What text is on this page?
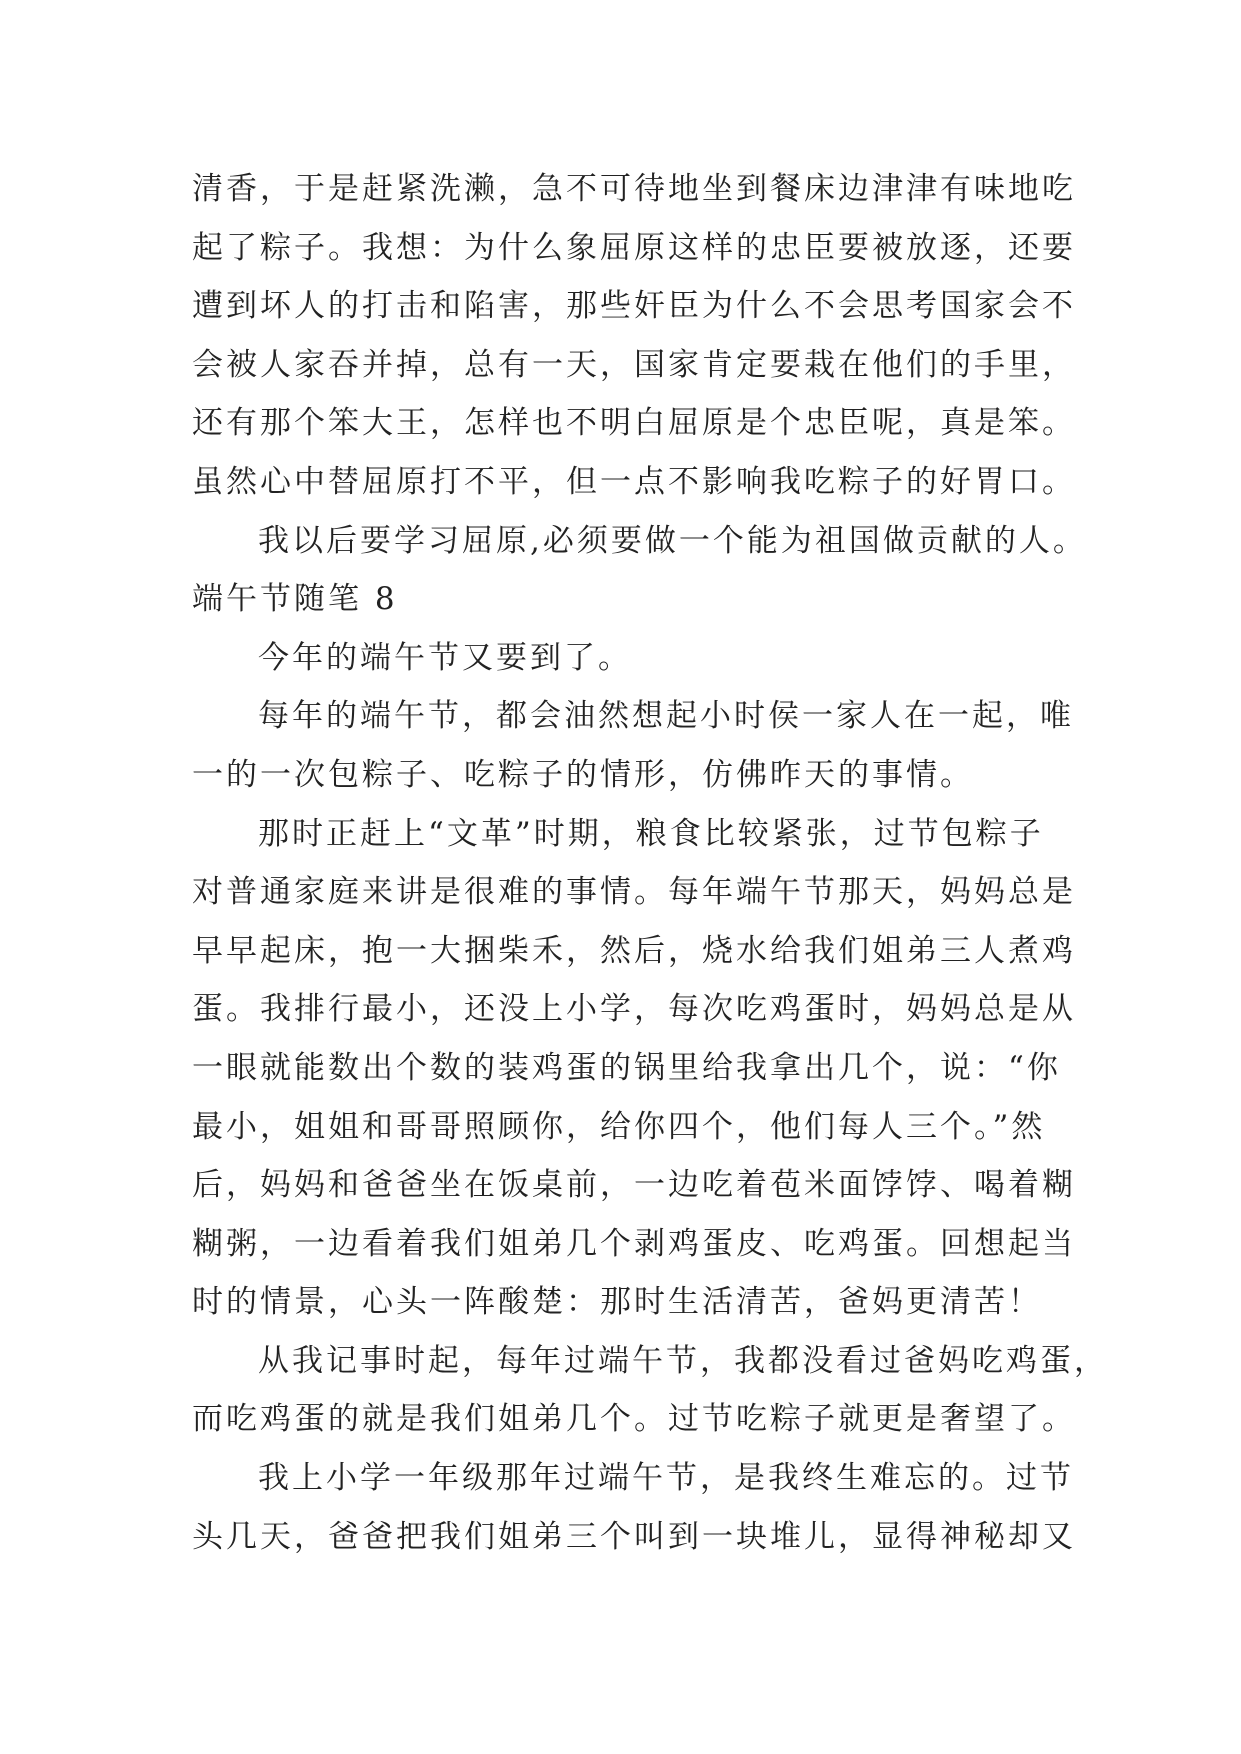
清香，于是赶紧洗濑，急不可待地坐到餐床边津津有味地吃
起了粽子。我想：为什么象屈原这样的忠臣要被放逐，还要
遭到坏人的打击和陷害，那些奸臣为什么不会思考国家会不
会被人家吞并掉，总有一天，国家肯定要栽在他们的手里，
还有那个笨大王，怎样也不明白屈原是个忠臣呢，真是笨。
虽然心中替屈原打不平，但一点不影响我吃粽子的好胃口。
我以后要学习屈原,必须要做一个能为祖国做贡献的人。
端午节随笔 8
今年的端午节又要到了。
每年的端午节，都会油然想起小时侯一家人在一起，唯
一的一次包粽子、吃粽子的情形，仿佛昨天的事情。
那时正赶上“文革”时期，粮食比较紧张，过节包粽子
对普通家庭来讲是很难的事情。每年端午节那天，妈妈总是
早早起床，抱一大捆柴禾，然后，烧水给我们姐弟三人煮鸡
蛋。我排行最小，还没上小学，每次吃鸡蛋时，妈妈总是从
一眼就能数出个数的装鸡蛋的锅里给我拿出几个，说：“你
最小，姐姐和哥哥照顾你，给你四个，他们每人三个。”然
后，妈妈和爸爸坐在饭桌前，一边吃着苞米面饽饽、喝着糊
糊粥，一边看着我们姐弟几个剥鸡蛋皮、吃鸡蛋。回想起当
时的情景，心头一阵酸楚：那时生活清苦，爸妈更清苦！
从我记事时起，每年过端午节，我都没看过爸妈吃鸡蛋，
而吃鸡蛋的就是我们姐弟几个。过节吃粽子就更是奢望了。
我上小学一年级那年过端午节，是我终生难忘的。过节
头几天，爸爸把我们姐弟三个叫到一块堆儿，显得神秘却又
